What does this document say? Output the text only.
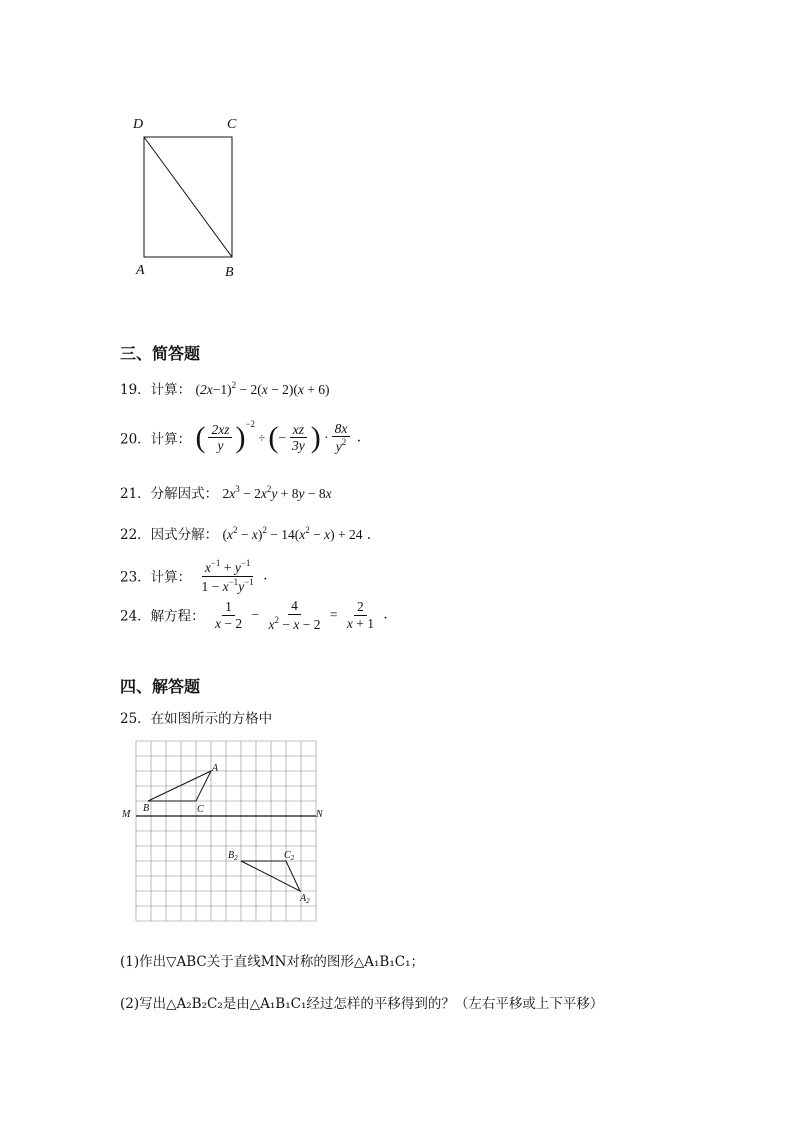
D	C
A	B
三、简答题
19．计算： $(2x-1)^2 - 2(x - 2)(x + 6)$
20．计算： ( $\frac{2xz}{y} )^{-2}$ ÷ (− $\frac{xz}{3y}$ ) · $\frac{8x}{y^2}$ .
21．分解因式： $2x^3 - 2x^2y + 8y - 8x$
22．因式分解： $(x^2 - x)^2 - 14(x^2 - x) + 24$ .
23．计算： $\frac{x^{-1} + y^{-1}}{1 - x^{-1}y^{-1}}$ .
24．解方程： $\frac{1}{x - 2} - \frac{4}{x^2 - x - 2} = \frac{2}{x + 1}$ .
四、解答题
25．在如图所示的方格中
A
B	C
M	N
$B_2$	$C_2$
$A_2$
(1)作出▽ABC关于直线MN对称的图形△A₁B₁C₁；
(2)写出△A₂B₂C₂是由△A₁B₁C₁经过怎样的平移得到的？（左右平移或上下平移）
